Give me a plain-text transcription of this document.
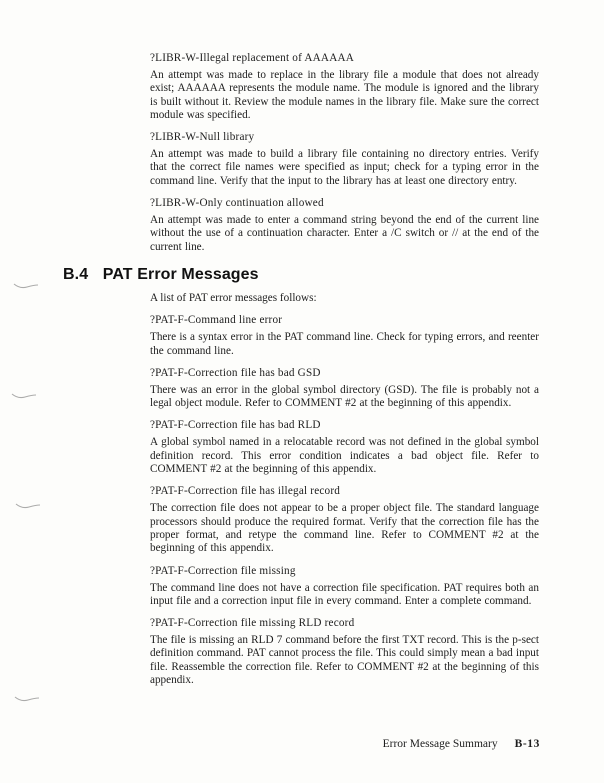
?LIBR-W-Illegal replacement of AAAAAA

An attempt was made to replace in the library file a module that does not already exist; AAAAAA represents the module name. The module is ignored and the library is built without it. Review the module names in the library file. Make sure the correct module was specified.

?LIBR-W-Null library

An attempt was made to build a library file containing no directory entries. Verify that the correct file names were specified as input; check for a typing error in the command line. Verify that the input to the library has at least one directory entry.

?LIBR-W-Only continuation allowed

An attempt was made to enter a command string beyond the end of the current line without the use of a continuation character. Enter a /C switch or // at the end of the current line.

B.4 PAT Error Messages

A list of PAT error messages follows:

?PAT-F-Command line error

There is a syntax error in the PAT command line. Check for typing errors, and reenter the command line.

?PAT-F-Correction file has bad GSD

There was an error in the global symbol directory (GSD). The file is probably not a legal object module. Refer to COMMENT #2 at the beginning of this appendix.

?PAT-F-Correction file has bad RLD

A global symbol named in a relocatable record was not defined in the global symbol definition record. This error condition indicates a bad object file. Refer to COMMENT #2 at the beginning of this appendix.

?PAT-F-Correction file has illegal record

The correction file does not appear to be a proper object file. The standard language processors should produce the required format. Verify that the correction file has the proper format, and retype the command line. Refer to COMMENT #2 at the beginning of this appendix.

?PAT-F-Correction file missing

The command line does not have a correction file specification. PAT requires both an input file and a correction input file in every command. Enter a complete command.

?PAT-F-Correction file missing RLD record

The file is missing an RLD 7 command before the first TXT record. This is the p-sect definition command. PAT cannot process the file. This could simply mean a bad input file. Reassemble the correction file. Refer to COMMENT #2 at the beginning of this appendix.

Error Message Summary B-13
